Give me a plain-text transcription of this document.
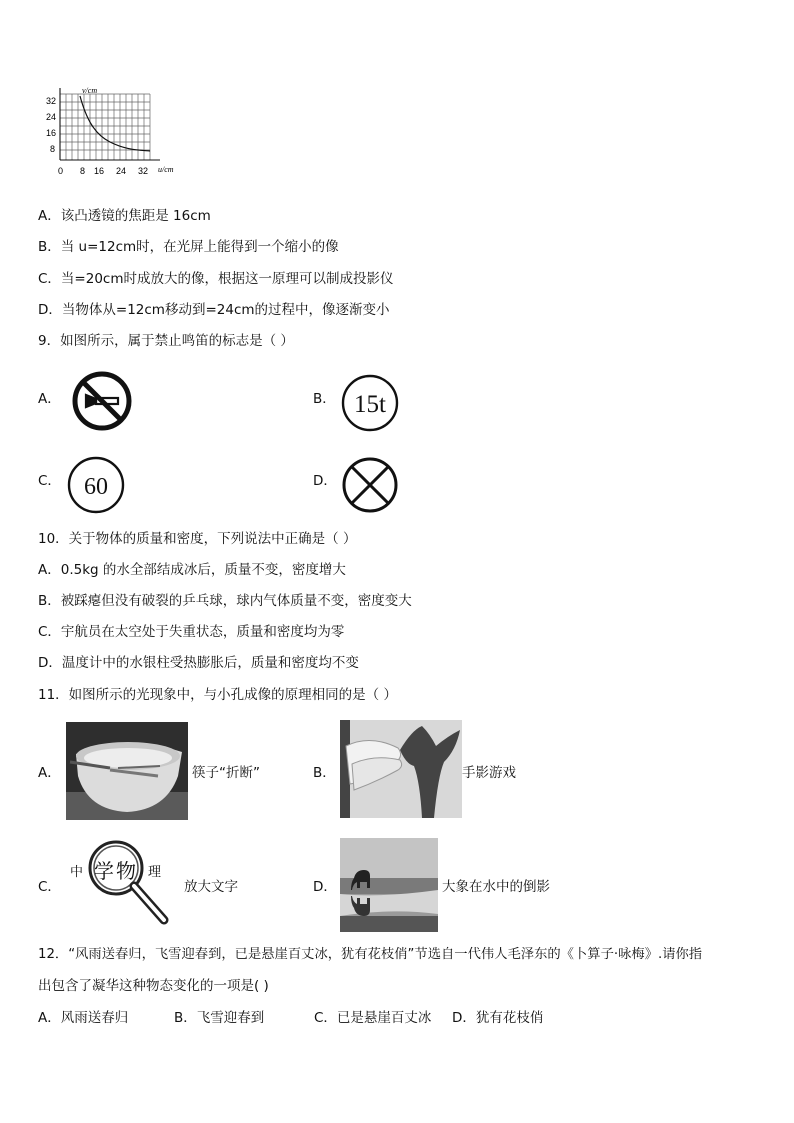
v/cm
u/cm
32
24
16
8
0 8 16 24 32
A．该凸透镜的焦距是 16cm
B．当 u=12cm时，在光屏上能得到一个缩小的像
C．当=20cm时成放大的像，根据这一原理可以制成投影仪
D．当物体从=12cm移动到=24cm的过程中，像逐渐变小
9．如图所示，属于禁止鸣笛的标志是（ ）
A．	B． 15t
C． 60	D．
10．关于物体的质量和密度，下列说法中正确是（ ）
A．0.5kg 的水全部结成冰后，质量不变，密度增大
B．被踩瘪但没有破裂的乒乓球，球内气体质量不变，密度变大
C．宇航员在太空处于失重状态，质量和密度均为零
D．温度计中的水银柱受热膨胀后，质量和密度均不变
11．如图所示的光现象中，与小孔成像的原理相同的是（ ）
A．	筷子“折断”	B．	手影游戏
C．
中 学 物 理
放大文字	D．	大象在水中的倒影
12．“风雨送春归，飞雪迎春到，已是悬崖百丈冰，犹有花枝俏”节选自一代伟人毛泽东的《卜算子·咏梅》.请你指
出包含了凝华这种物态变化的一项是( )
A．风雨送春归	B．飞雪迎春到	C．已是悬崖百丈冰 D．犹有花枝俏
